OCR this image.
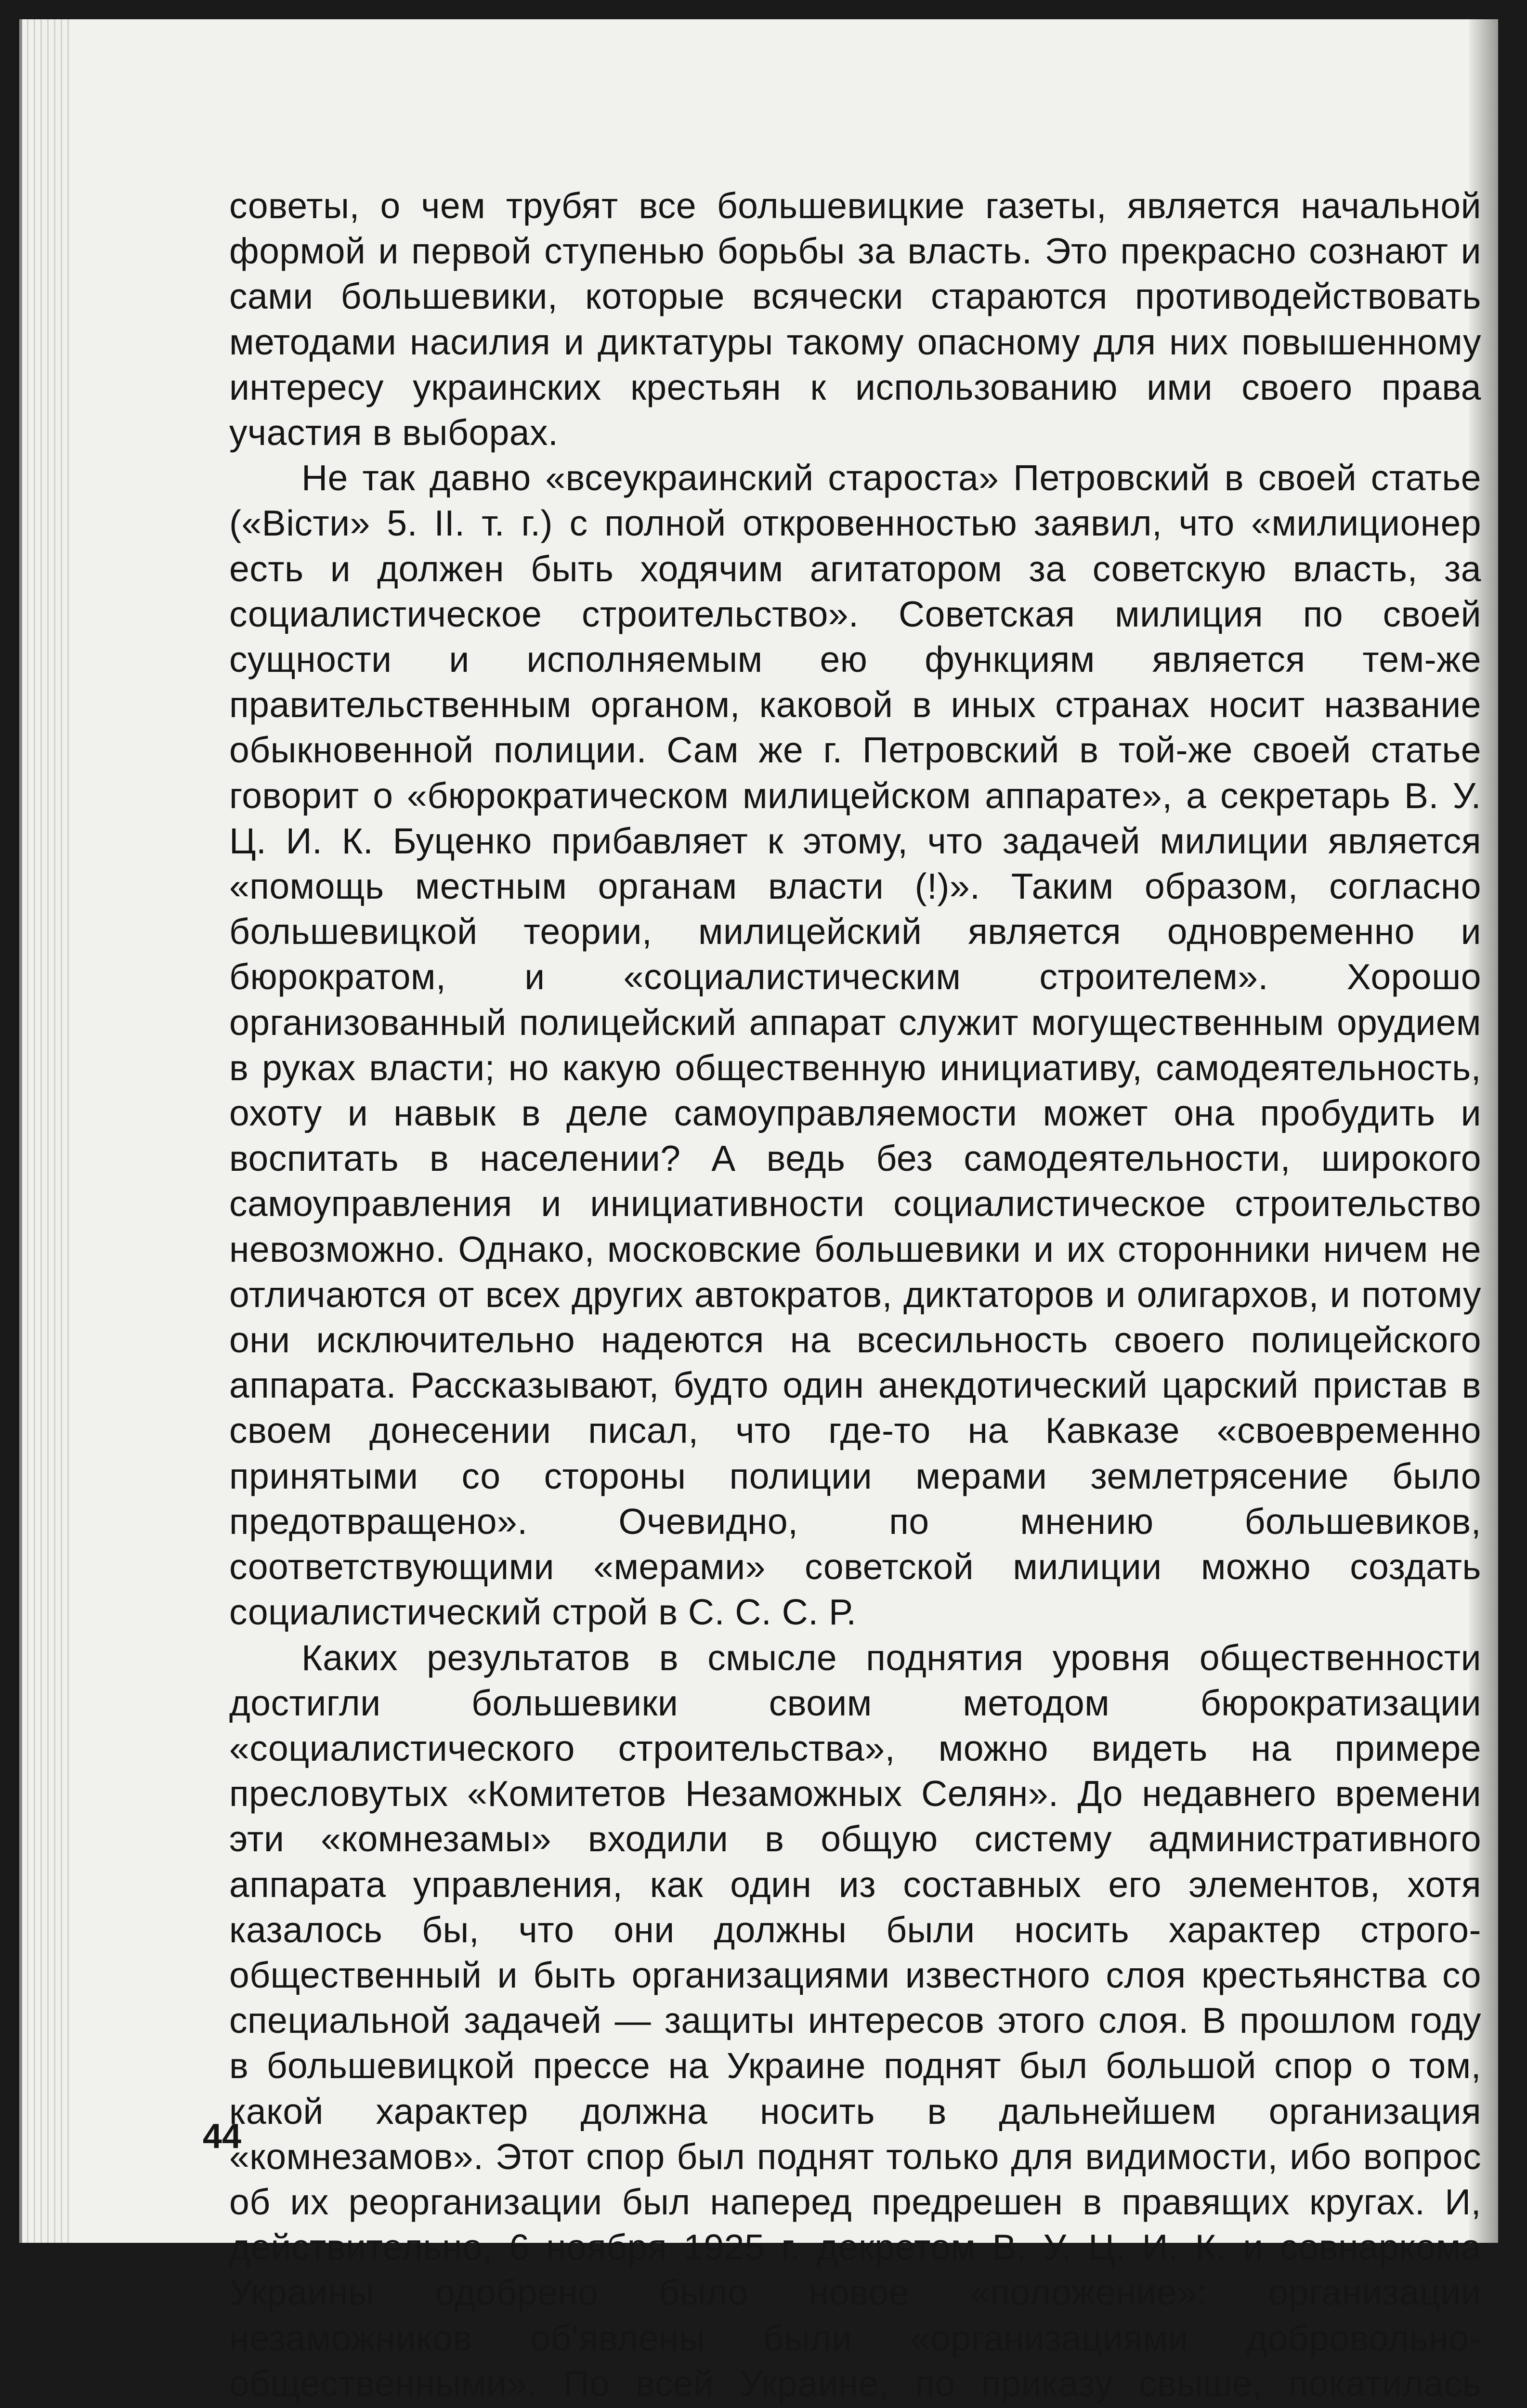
советы, о чем трубят все большевицкие газеты, является начальной формой и первой ступенью борьбы за власть. Это прекрасно сознают и сами большевики, которые всячески стараются противодействовать методами насилия и диктатуры такому опасному для них повышенному интересу украинских крестьян к использованию ими своего права участия в выборах.

Не так давно «всеукраинский староста» Петровский в своей статье («Вісти» 5. II. т. г.) с полной откровенностью заявил, что «милиционер есть и должен быть ходячим агитатором за советскую власть, за социалистическое строительство». Советская милиция по своей сущности и исполняемым ею функциям является тем-же правительственным органом, каковой в иных странах носит название обыкновенной полиции. Сам же г. Петровский в той-же своей статье говорит о «бюрократическом милицейском аппарате», а секретарь В. У. Ц. И. К. Буценко прибавляет к этому, что задачей милиции является «помощь местным органам власти (!)». Таким образом, согласно большевицкой теории, милицейский является одновременно и бюрократом, и «социалистическим строителем». Хорошо организованный полицейский аппарат служит могущественным орудием в руках власти; но какую общественную инициативу, самодеятельность, охоту и навык в деле самоуправляемости может она пробудить и воспитать в населении? А ведь без самодеятельности, широкого самоуправления и инициативности социалистическое строительство невозможно. Однако, московские большевики и их сторонники ничем не отличаются от всех других автократов, диктаторов и олигархов, и потому они исключительно надеются на всесильность своего полицейского аппарата. Рассказывают, будто один анекдотический царский пристав в своем донесении писал, что где-то на Кавказе «своевременно принятыми со стороны полиции мерами землетрясение было предотвращено». Очевидно, по мнению большевиков, соответствующими «мерами» советской милиции можно создать социалистический строй в С. С. С. Р.

Каких результатов в смысле поднятия уровня общественности достигли большевики своим методом бюрократизации «социалистического строительства», можно видеть на примере пресловутых «Комитетов Незаможных Селян». До недавнего времени эти «комнезамы» входили в общую систему административного аппарата управления, как один из составных его элементов, хотя казалось бы, что они должны были носить характер строго-общественный и быть организациями известного слоя крестьянства со специальной задачей — защиты интересов этого слоя. В прошлом году в большевицкой прессе на Украине поднят был большой спор о том, какой характер должна носить в дальнейшем организация «комнезамов». Этот спор был поднят только для видимости, ибо вопрос об их реорганизации был наперед предрешен в правящих кругах. И, действительно, 6 ноября 1925 г. декретом В. У. Ц. И. К. и совнаркома Украины одобрено было новое «положение»: организации незаможников об'явлены были «организациями добровольно-общественными». По всей Украине, по приказу свыше, покатилась

44
